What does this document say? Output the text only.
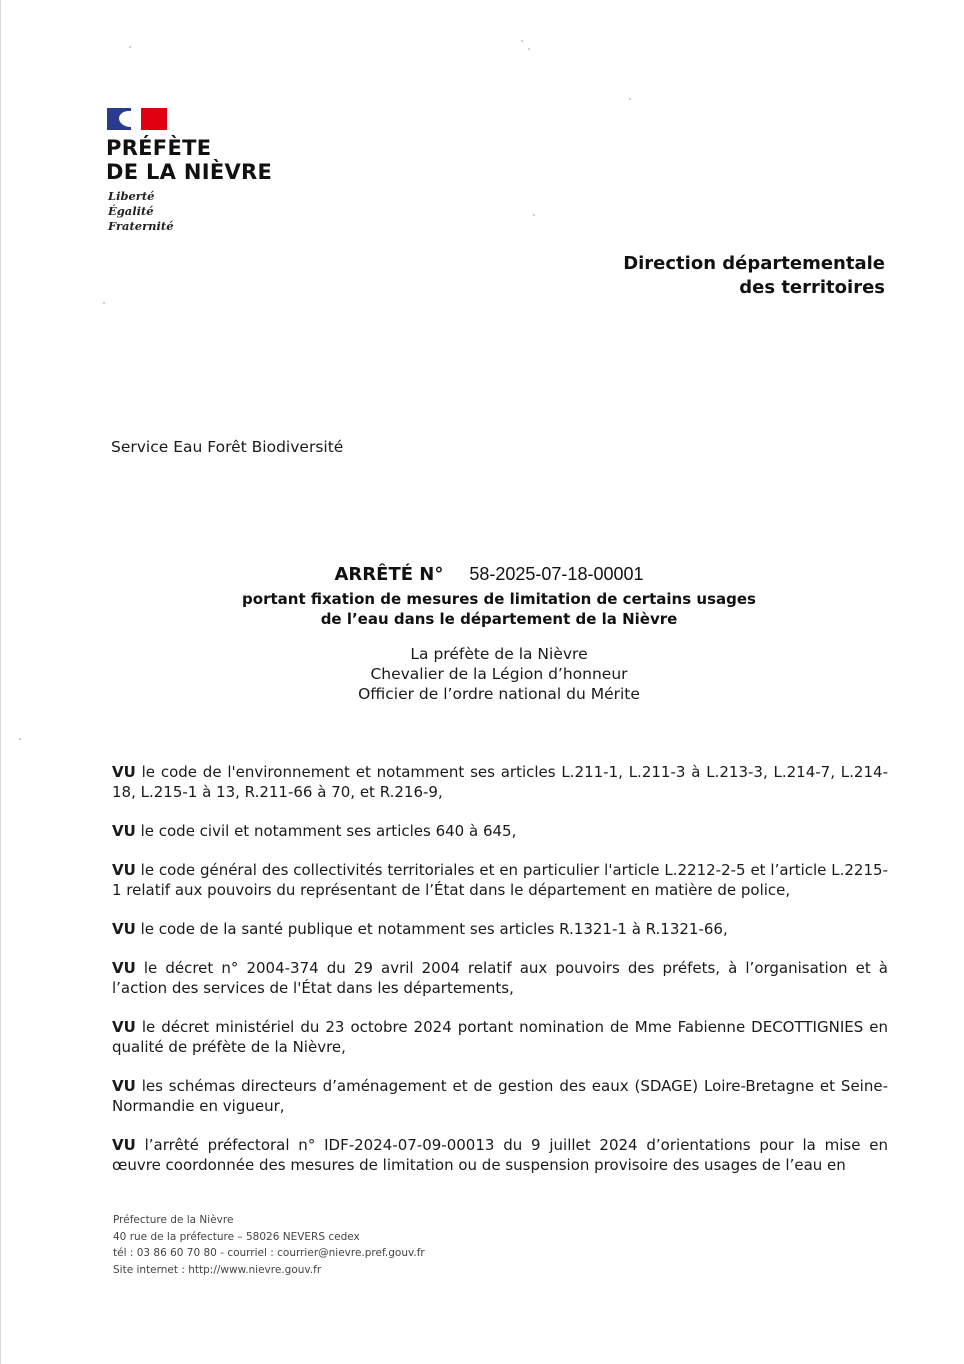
PRÉFÈTE
DE LA NIÈVRE
Liberté
Égalité
Fraternité
Direction départementale
des territoires
Service Eau Forêt Biodiversité
ARRÊTÉ N° 58-2025-07-18-00001
portant fixation de mesures de limitation de certains usages
de l’eau dans le département de la Nièvre
La préfète de la Nièvre
Chevalier de la Légion d’honneur
Officier de l’ordre national du Mérite

VU le code de l'environnement et notamment ses articles L.211-1, L.211-3 à L.213-3, L.214-7, L.214-18, L.215-1 à 13, R.211-66 à 70, et R.216-9,

VU le code civil et notamment ses articles 640 à 645,

VU le code général des collectivités territoriales et en particulier l'article L.2212-2-5 et l’article L.2215-1 relatif aux pouvoirs du représentant de l’État dans le département en matière de police,

VU le code de la santé publique et notamment ses articles R.1321-1 à R.1321-66,

VU le décret n° 2004-374 du 29 avril 2004 relatif aux pouvoirs des préfets, à l’organisation et à l’action des services de l'État dans les départements,

VU le décret ministériel du 23 octobre 2024 portant nomination de Mme Fabienne DECOTTIGNIES en qualité de préfète de la Nièvre,

VU les schémas directeurs d’aménagement et de gestion des eaux (SDAGE) Loire-Bretagne et Seine-Normandie en vigueur,

VU l’arrêté préfectoral n° IDF-2024-07-09-00013 du 9 juillet 2024 d’orientations pour la mise en œuvre coordonnée des mesures de limitation ou de suspension provisoire des usages de l’eau en

Préfecture de la Nièvre
40 rue de la préfecture – 58026 NEVERS cedex
tél : 03 86 60 70 80 - courriel : courrier@nievre.pref.gouv.fr
Site internet : http://www.nievre.gouv.fr
